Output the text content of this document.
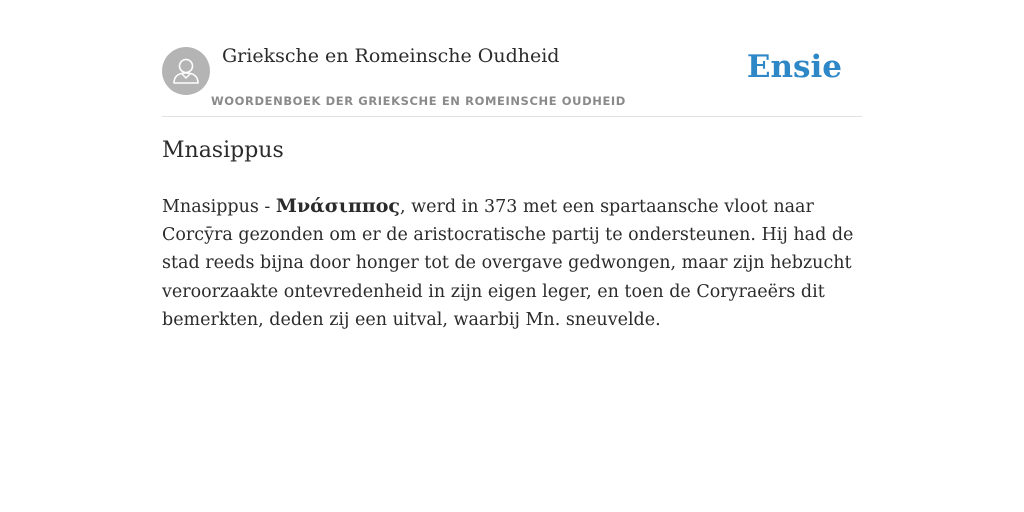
Grieksche en Romeinsche Oudheid
WOORDENBOEK DER GRIEKSCHE EN ROMEINSCHE OUDHEID
Ensie
Mnasippus

Mnasippus - Μνάσιππος, werd in 373 met een spartaansche vloot naar Corcȳra gezonden om er de aristocratische partij te ondersteunen. Hij had de stad reeds bijna door honger tot de overgave gedwongen, maar zijn hebzucht veroorzaakte ontevredenheid in zijn eigen leger, en toen de Coryraeërs dit bemerkten, deden zij een uitval, waarbij Mn. sneuvelde.
